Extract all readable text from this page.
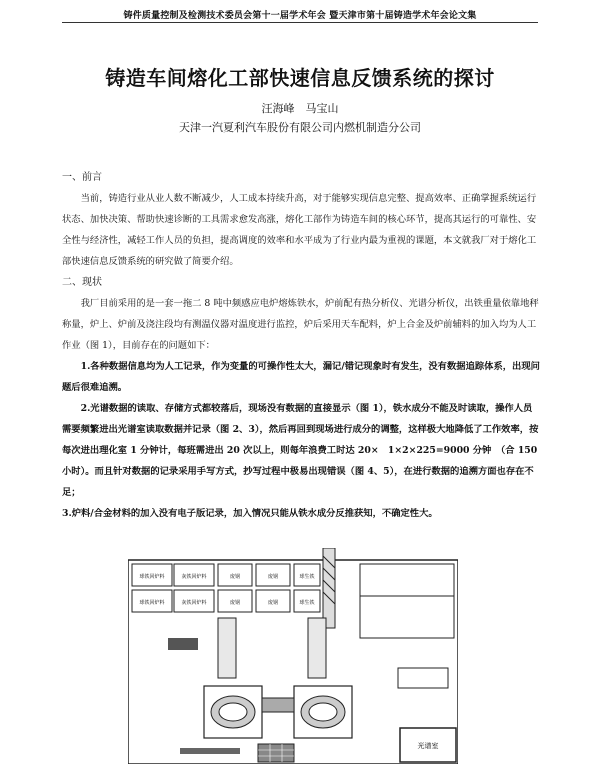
铸件质量控制及检测技术委员会第十一届学术年会 暨天津市第十届铸造学术年会论文集
铸造车间熔化工部快速信息反馈系统的探讨
汪海峰　马宝山
天津一汽夏利汽车股份有限公司内燃机制造分公司
一、前言

当前，铸造行业从业人数不断减少，人工成本持续升高，对于能够实现信息完整、提高效率、正确掌握系统运行状态、加快决策、帮助快速诊断的工具需求愈发高涨，熔化工部作为铸造车间的核心环节，提高其运行的可靠性、安全性与经济性，减轻工作人员的负担，提高调度的效率和水平成为了行业内最为重视的课题，本文就我厂对于熔化工部快速信息反馈系统的研究做了简要介绍。

二、现状

我厂目前采用的是一套一拖二 8 吨中频感应电炉熔炼铁水，炉前配有热分析仪、光谱分析仪，出铁重量依靠地秤称量，炉上、炉前及浇注段均有测温仪器对温度进行监控，炉后采用天车配料，炉上合金及炉前辅料的加入均为人工作业（图 1），目前存在的问题如下：

1.各种数据信息均为人工记录，作为变量的可操作性太大，漏记/错记现象时有发生，没有数据追踪体系，出现问题后很难追溯。

2.光谱数据的读取、存储方式都较落后，现场没有数据的直接显示（图 1），铁水成分不能及时读取，操作人员需要频繁进出光谱室读取数据并记录（图 2、3），然后再回到现场进行成分的调整，这样极大地降低了工作效率，按每次进出理化室 1 分钟计，每班需进出 20 次以上，则每年浪费工时达 20×　1×2×225=9000 分钟　（合 150 小时）。而且针对数据的记录采用手写方式，抄写过程中极易出现错误（图 4、5），在进行数据的追溯方面也存在不足；

3.炉料/合金材料的加入没有电子版记录，加入情况只能从铁水成分反推获知，不确定性大。

球铁回炉料	灰铁回炉料	废钢	废钢	球生铁
球铁回炉料	灰铁回炉料	废钢	废钢	球生铁
光谱室
